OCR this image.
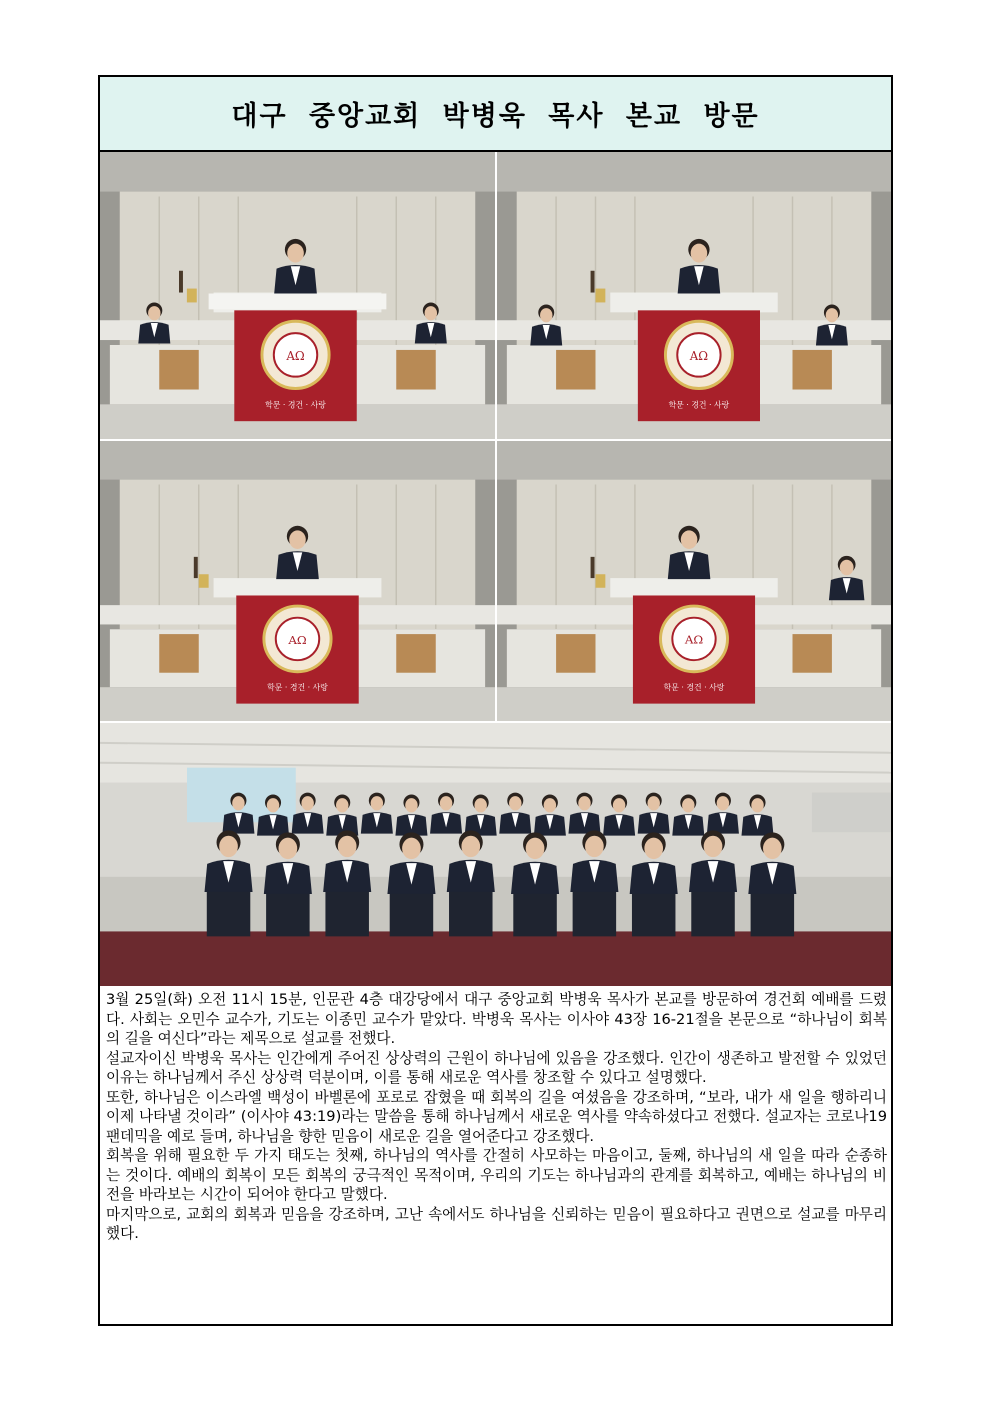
대구 중앙교회 박병욱 목사 본교 방문

3월 25일(화) 오전 11시 15분, 인문관 4층 대강당에서 대구 중앙교회 박병욱 목사가 본교를 방문하여 경건회 예배를 드렸다. 사회는 오민수 교수가, 기도는 이종민 교수가 맡았다. 박병욱 목사는 이사야 43장 16-21절을 본문으로 “하나님이 회복의 길을 여신다”라는 제목으로 설교를 전했다.

설교자이신 박병욱 목사는 인간에게 주어진 상상력의 근원이 하나님에 있음을 강조했다. 인간이 생존하고 발전할 수 있었던 이유는 하나님께서 주신 상상력 덕분이며, 이를 통해 새로운 역사를 창조할 수 있다고 설명했다.

또한, 하나님은 이스라엘 백성이 바벨론에 포로로 잡혔을 때 회복의 길을 여셨음을 강조하며, “보라, 내가 새 일을 행하리니 이제 나타낼 것이라” (이사야 43:19)라는 말씀을 통해 하나님께서 새로운 역사를 약속하셨다고 전했다. 설교자는 코로나19 팬데믹을 예로 들며, 하나님을 향한 믿음이 새로운 길을 열어준다고 강조했다.

회복을 위해 필요한 두 가지 태도는 첫째, 하나님의 역사를 간절히 사모하는 마음이고, 둘째, 하나님의 새 일을 따라 순종하는 것이다. 예배의 회복이 모든 회복의 궁극적인 목적이며, 우리의 기도는 하나님과의 관계를 회복하고, 예배는 하나님의 비전을 바라보는 시간이 되어야 한다고 말했다.

마지막으로, 교회의 회복과 믿음을 강조하며, 고난 속에서도 하나님을 신뢰하는 믿음이 필요하다고 권면으로 설교를 마무리했다.
